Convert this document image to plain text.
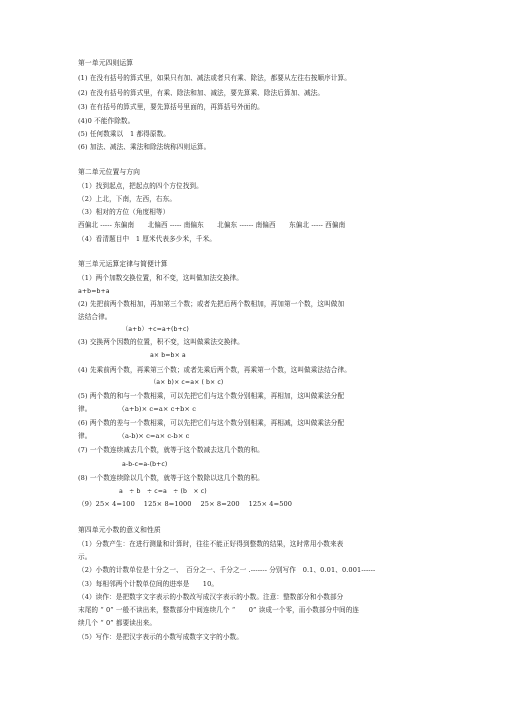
第一单元四则运算
(1) 在没有括号的算式里，如果只有加、减法或者只有乘、除法，都要从左往右按顺序计算。
(2) 在没有括号的算式里，有乘、除法和加、减法，要先算乘、除法后算加、减法。
(3) 在有括号的算式里，要先算括号里面的，再算括号外面的。
(4)0 不能作除数。
(5) 任何数乘以　1 都得原数。
(6) 加法、减法、乘法和除法统称四则运算。
第二单元位置与方向
（1）找到起点，把起点的四个方位找到。
（2）上北，下南，左西，右东。
（3）相对的方位（角度相等）
西偏北 ----- 东偏南　　北偏西 ----- 南偏东　　北偏东 ------ 南偏西　　东偏北 ----- 西偏南
（4）看清题目中　1 厘米代表多少米，千米。
第三单元运算定律与简便计算
（1）两个加数交换位置，和不变，这叫做加法交换律。
a+b=b+a
(2) 先把前两个数相加，再加第三个数；或者先把后两个数相加，再加第一个数，这叫做加
法结合律。
（a+b）+c=a+(b+c)
(3) 交换两个因数的位置，积不变，这叫做乘法交换律。
a× b=b× a
(4) 先乘前两个数，再乘第三个数；或者先乘后两个数，再乘第一个数，这叫做乘法结合律。
（a× b)× c=a× ( b× c)
(5) 两个数的和与一个数相乘，可以先把它们与这个数分别相乘，再相加，这叫做乘法分配
律。　　　　　（a+b)× c=a× c+b× c
(6) 两个数的差与一个数相乘，可以先把它们与这个数分别相乘，再相减，这叫做乘法分配
律。　　　　　（a-b)× c=a× c-b× c
(7) 一个数连续减去几个数，就等于这个数减去这几个数的和。
a-b-c=a-(b+c)
(8) 一个数连续除以几个数，就等于这个数除以这几个数的积。
a　÷ b　÷ c=a　÷ (b　× c)
（9）25× 4=100　 125× 8=1000　 25× 8=200　 125× 4=500
第四单元小数的意义和性质
（1）分数产生：在进行测量和计算时，往往不能正好得到整数的结果，这时常用小数来表
示。
（2）小数的计数单位是十分之一、　百分之一、千分之一 .------- 分别写作　0.1、0.01、0.001------
（3）每相邻两个计数单位间的进率是　　10。
（4）读作：是把数字文字表示的小数改写成汉字表示的小数。注意：整数部分和小数部分
末尾的 “ 0” 一般不读出来，整数部分中间连续几个 “　　0” 读成一个零，而小数部分中间的连
续几个 “ 0” 都要读出来。
（5）写作：是把汉字表示的小数写成数字文字的小数。
